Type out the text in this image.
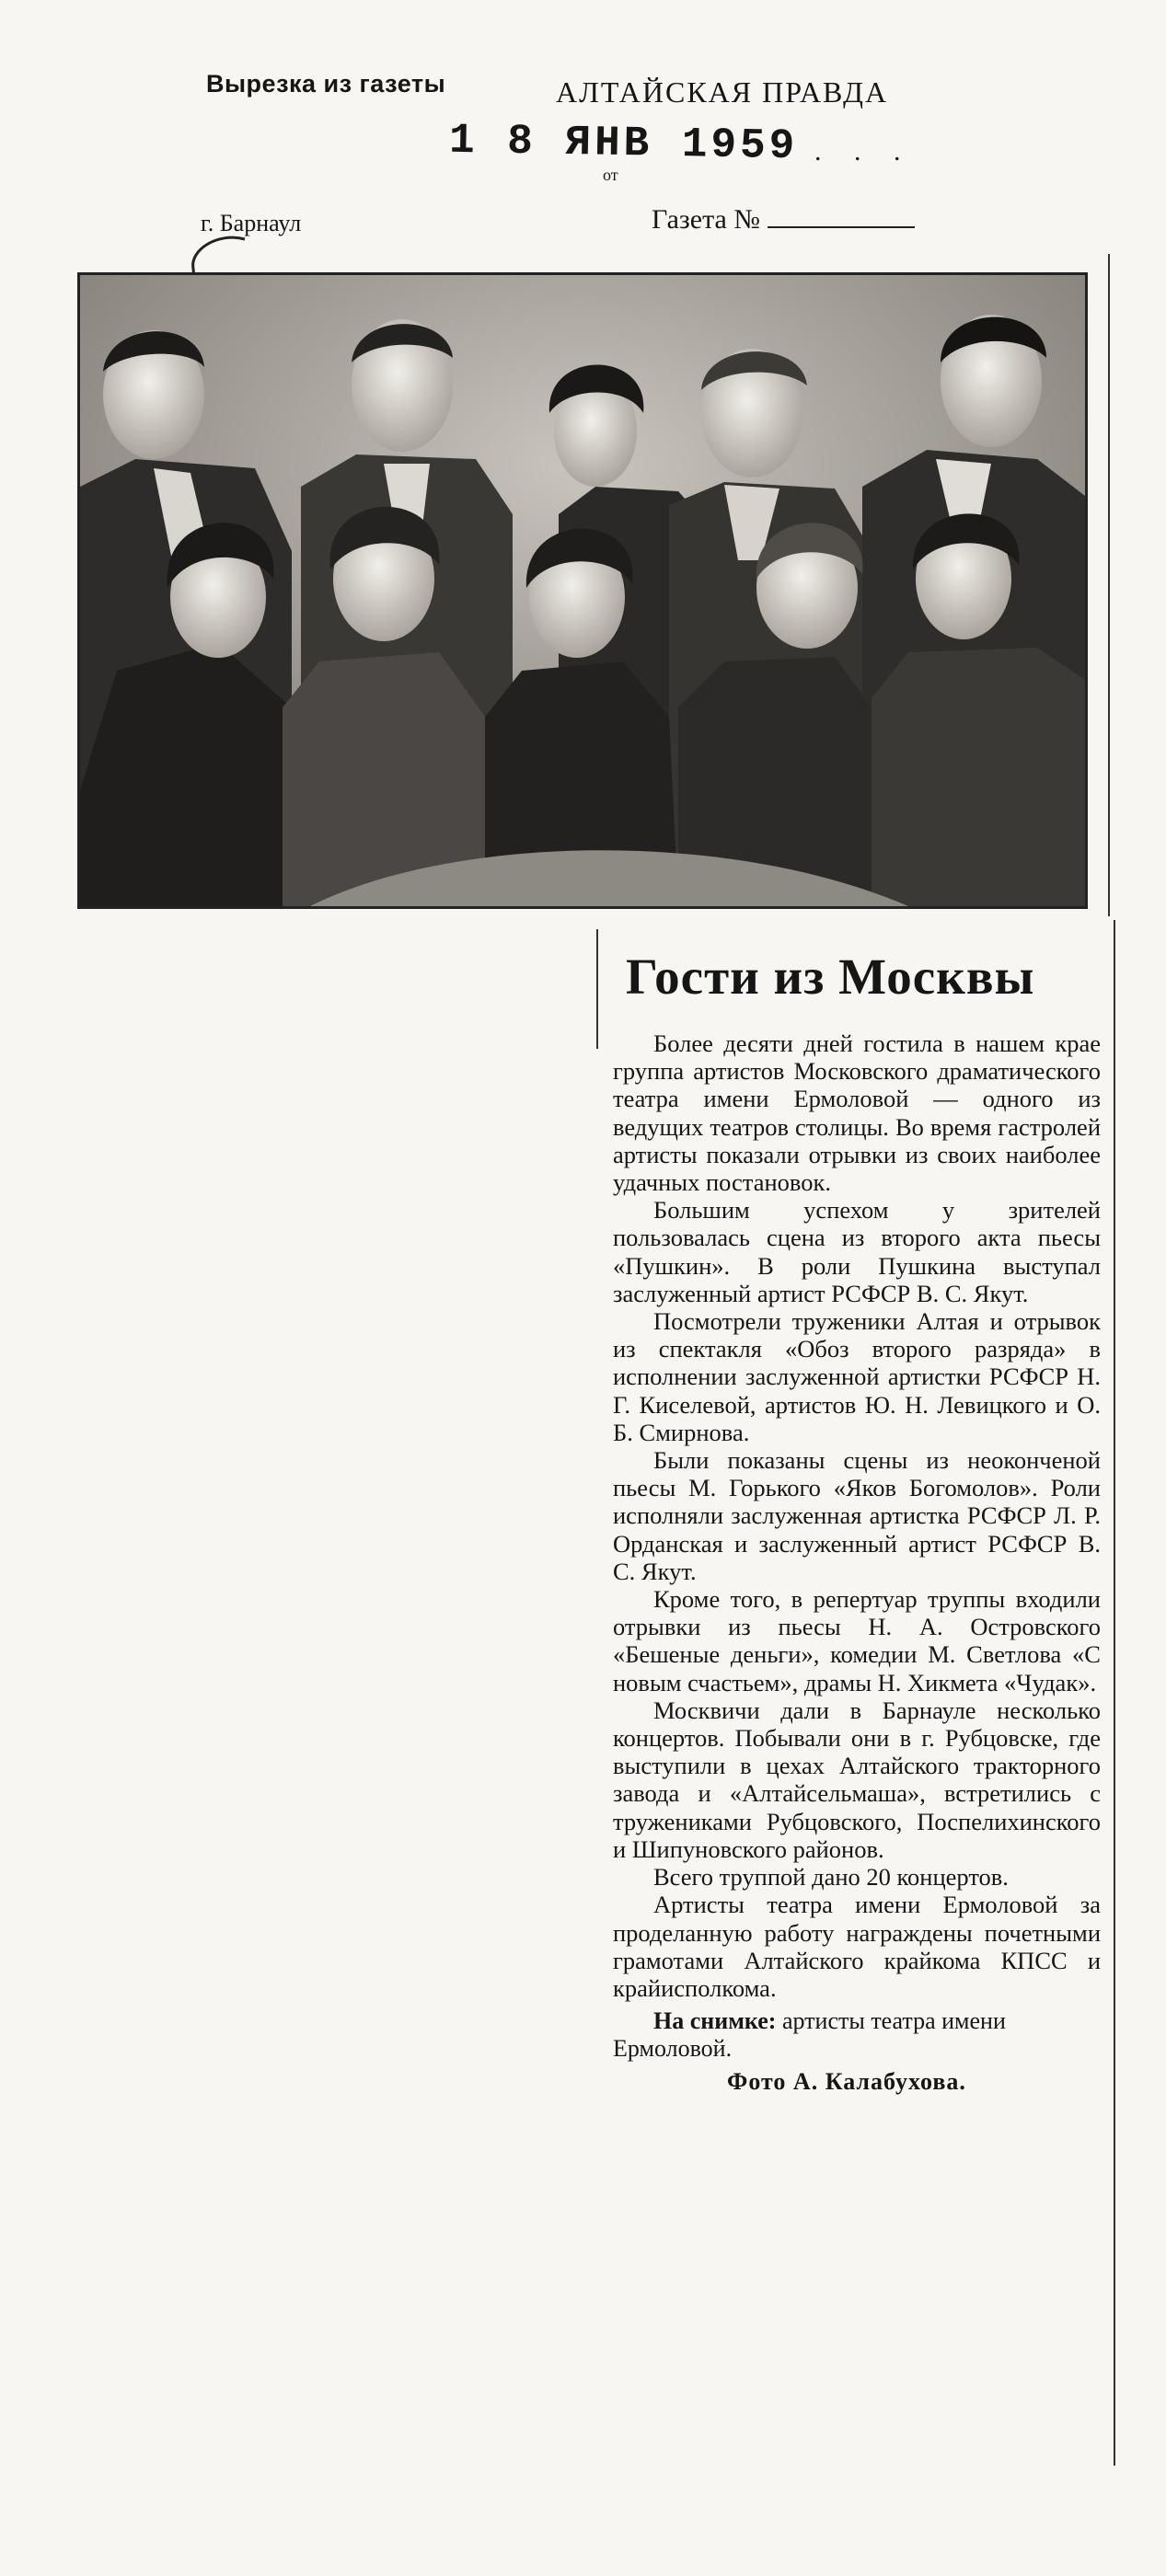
Вырезка из газеты	АЛТАЙСКАЯ ПРАВДА
1 8 ЯНВ 1959 . . .
от
г. Барнаул	Газета №
Гости из Москвы

Более десяти дней гостила в нашем крае группа артистов Московского драматического театра имени Ермоловой — одного из ведущих театров столицы. Во время гастролей артисты показали отрывки из своих наиболее удачных постановок.

Большим успехом у зрителей пользовалась сцена из второго акта пьесы «Пушкин». В роли Пушкина выступал заслуженный артист РСФСР В. С. Якут.

Посмотрели труженики Алтая и отрывок из спектакля «Обоз второго разряда» в исполнении заслуженной артистки РСФСР Н. Г. Киселевой, артистов Ю. Н. Левицкого и О. Б. Смирнова.

Были показаны сцены из неоконченой пьесы М. Горького «Яков Богомолов». Роли исполняли заслуженная артистка РСФСР Л. Р. Орданская и заслуженный артист РСФСР В. С. Якут.

Кроме того, в репертуар труппы входили отрывки из пьесы Н. А. Островского «Бешеные деньги», комедии М. Светлова «С новым счастьем», драмы Н. Хикмета «Чудак».

Москвичи дали в Барнауле несколько концертов. Побывали они в г. Рубцовске, где выступили в цехах Алтайского тракторного завода и «Алтайсельмаша», встретились с тружениками Рубцовского, Поспелихинского и Шипуновского районов.

Всего труппой дано 20 концертов.

Артисты театра имени Ермоловой за проделанную работу награждены почетными грамотами Алтайского крайкома КПСС и крайисполкома.

На снимке: артисты театра имени Ермоловой.

Фото А. Калабухова.
